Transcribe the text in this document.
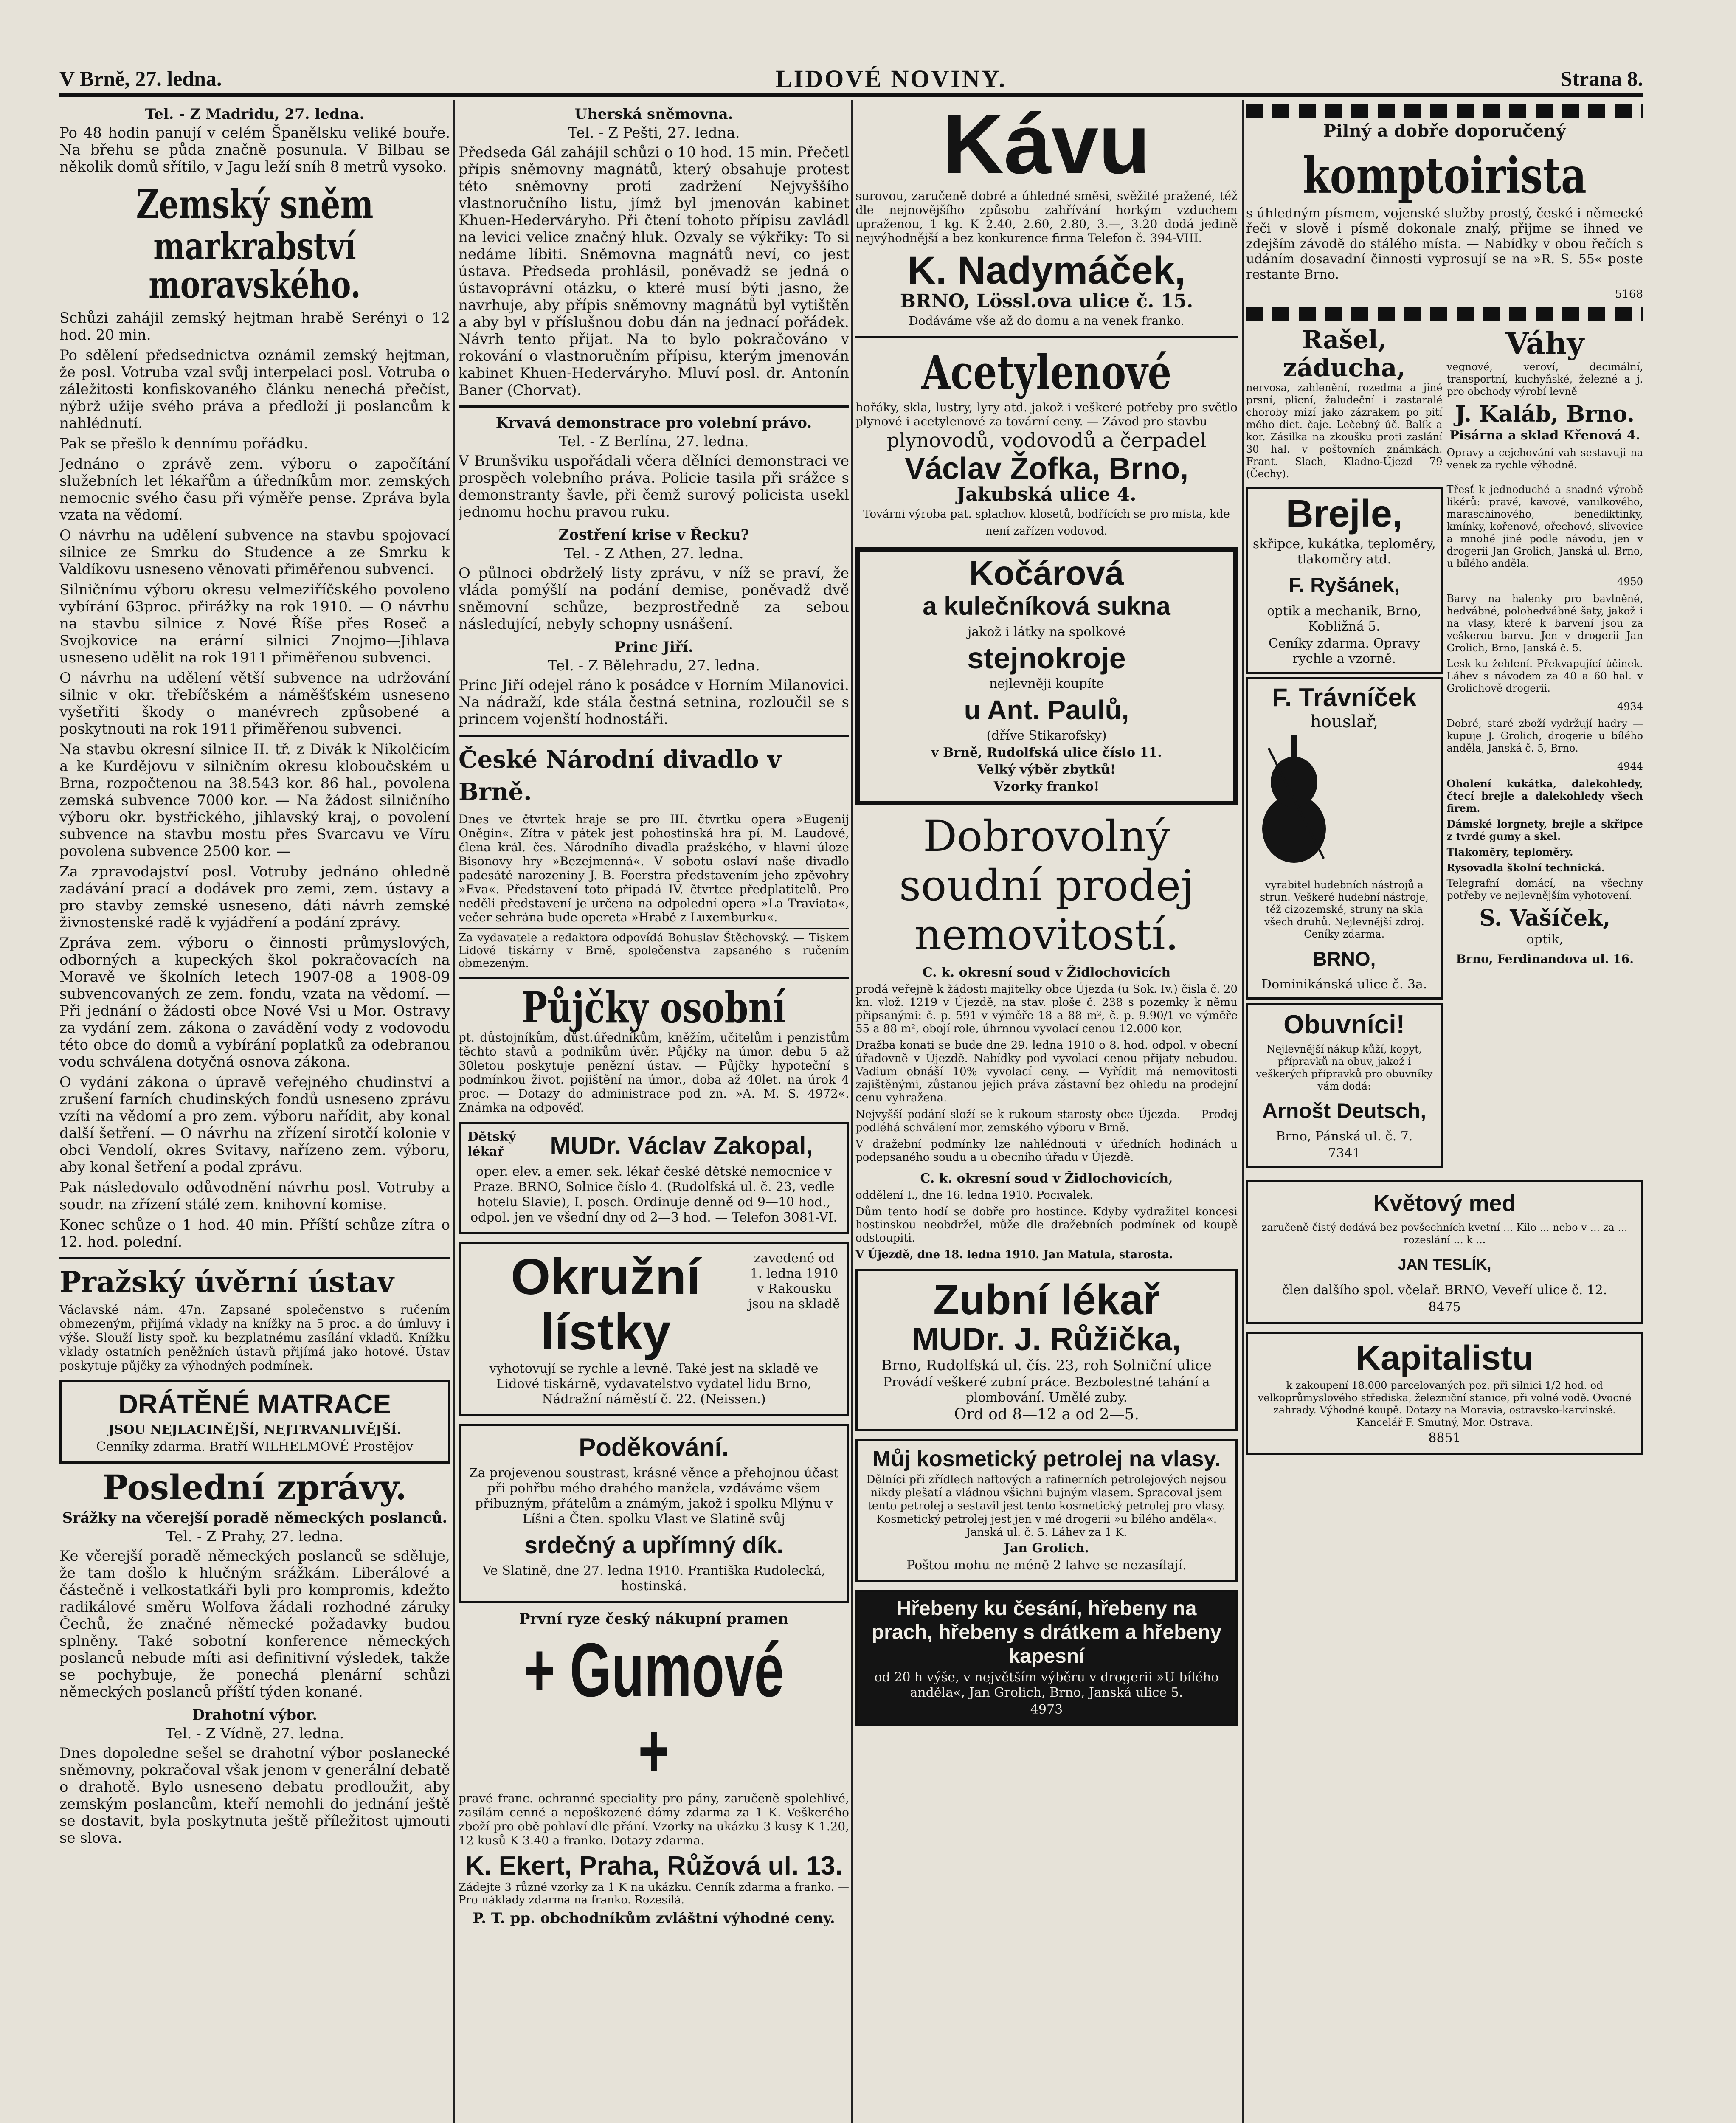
V Brně, 27. ledna.	LIDOVÉ NOVINY.	Strana 8.
Tel. - Z Madridu, 27. ledna.

Po 48 hodin panují v celém Španělsku veliké bouře. Na břehu se půda značně posunula. V Bilbau se několik domů sřítilo, v Jagu leží sníh 8 metrů vysoko.

Zemský sněm
markrabství moravského.

Schůzi zahájil zemský hejtman hrabě Serényi o 12 hod. 20 min.

Po sdělení předsednictva oznámil zemský hejtman, že posl. Votruba vzal svůj interpelaci posl. Votruba o záležitosti konfiskovaného článku nenechá přečíst, nýbrž užije svého práva a předloží ji poslancům k nahlédnutí.

Pak se přešlo k dennímu pořádku.

Jednáno o zprávě zem. výboru o započítání služebních let lékařům a úředníkům mor. zemských nemocnic svého času při výměře pense. Zpráva byla vzata na vědomí.

O návrhu na udělení subvence na stavbu spojovací silnice ze Smrku do Studence a ze Smrku k Valdíkovu usneseno věnovati přiměřenou subvenci.

Silničnímu výboru okresu velmeziříčského povoleno vybírání 63proc. přirážky na rok 1910. — O návrhu na stavbu silnice z Nové Říše přes Roseč a Svojkovice na erární silnici Znojmo—Jihlava usneseno udělit na rok 1911 přiměřenou subvenci.

O návrhu na udělení větší subvence na udržování silnic v okr. třebíčském a náměšťském usneseno vyšetřiti škody o manévrech způsobené a poskytnouti na rok 1911 přiměřenou subvenci.

Na stavbu okresní silnice II. tř. z Divák k Nikolčicím a ke Kurdějovu v silničním okresu kloboučském u Brna, rozpočtenou na 38.543 kor. 86 hal., povolena zemská subvence 7000 kor. — Na žádost silničního výboru okr. bystřického, jihlavský kraj, o povolení subvence na stavbu mostu přes Svarcavu ve Víru povolena subvence 2500 kor. —

Za zpravodajství posl. Votruby jednáno ohledně zadávání prací a dodávek pro zemi, zem. ústavy a pro stavby zemské usneseno, dáti návrh zemské živnostenské radě k vyjádření a podání zprávy.

Zpráva zem. výboru o činnosti průmyslových, odborných a kupeckých škol pokračovacích na Moravě ve školních letech 1907-08 a 1908-09 subvencovaných ze zem. fondu, vzata na vědomí. — Při jednání o žádosti obce Nové Vsi u Mor. Ostravy za vydání zem. zákona o zavádění vody z vodovodu této obce do domů a vybírání poplatků za odebranou vodu schválena dotyčná osnova zákona.

O vydání zákona o úpravě veřejného chudinství a zrušení farních chudinských fondů usneseno zprávu vzíti na vědomí a pro zem. výboru nařídit, aby konal další šetření. — O návrhu na zřízení sirotčí kolonie v obci Vendolí, okres Svitavy, nařízeno zem. výboru, aby konal šetření a podal zprávu.

Pak následovalo odůvodnění návrhu posl. Votruby a soudr. na zřízení stálé zem. knihovní komise.

Konec schůze o 1 hod. 40 min. Příští schůze zítra o 12. hod. polední.

Pražský úvěrní ústav

Václavské nám. 47n. Zapsané společenstvo s ručením obmezeným, přijímá vklady na knížky na 5 proc. a do úmluvy i výše. Slouží listy spoř. ku bezplatnému zasílání vkladů. Knížku vklady ostatních peněžních ústavů přijímá jako hotové. Ústav poskytuje půjčky za výhodných podmínek.

DRÁTĚNÉ MATRACE
JSOU NEJLACINĚJŠÍ, NEJTRVANLIVĚJŠÍ.
Cenníky zdarma. Bratří WILHELMOVÉ Prostějov
Poslední zprávy.
Srážky na včerejší poradě německých poslanců.
Tel. - Z Prahy, 27. ledna.

Ke včerejší poradě německých poslanců se sděluje, že tam došlo k hlučným srážkám. Liberálové a částečně i velkostatkáři byli pro kompromis, kdežto radikálové směru Wolfova žádali rozhodné záruky Čechů, že značné německé požadavky budou splněny. Také sobotní konference německých poslanců nebude míti asi definitivní výsledek, takže se pochybuje, že ponechá plenární schůzi německých poslanců příští týden konané.

Drahotní výbor.
Tel. - Z Vídně, 27. ledna.

Dnes dopoledne sešel se drahotní výbor poslanecké sněmovny, pokračoval však jenom v generální debatě o drahotě. Bylo usneseno debatu prodloužit, aby zemským poslancům, kteří nemohli do jednání ještě se dostavit, byla poskytnuta ještě příležitost ujmouti se slova.

Uherská sněmovna.
Tel. - Z Pešti, 27. ledna.

Předseda Gál zahájil schůzi o 10 hod. 15 min. Přečetl přípis sněmovny magnátů, který obsahuje protest této sněmovny proti zadržení Nejvyššího vlastnoručního listu, jímž byl jmenován kabinet Khuen-Hederváryho. Při čtení tohoto přípisu zavládl na levici velice značný hluk. Ozvaly se výkřiky: To si nedáme líbiti. Sněmovna magnátů neví, co jest ústava. Předseda prohlásil, poněvadž se jedná o ústavoprávní otázku, o které musí býti jasno, že navrhuje, aby přípis sněmovny magnátů byl vytištěn a aby byl v příslušnou dobu dán na jednací pořádek. Návrh tento přijat. Na to bylo pokračováno v rokování o vlastnoručním přípisu, kterým jmenován kabinet Khuen-Hederváryho. Mluví posl. dr. Antonín Baner (Chorvat).

Krvavá demonstrace pro volební právo.
Tel. - Z Berlína, 27. ledna.

V Brunšviku uspořádali včera dělníci demonstraci ve prospěch volebního práva. Policie tasila při srážce s demonstranty šavle, při čemž surový policista usekl jednomu hochu pravou ruku.

Zostření krise v Řecku?
Tel. - Z Athen, 27. ledna.

O půlnoci obdrželý listy zprávu, v níž se praví, že vláda pomýšlí na podání demise, poněvadž dvě sněmovní schůze, bezprostředně za sebou následující, nebyly schopny usnášení.

Princ Jiří.
Tel. - Z Bělehradu, 27. ledna.

Princ Jiří odejel ráno k posádce v Horním Milanovici. Na nádraží, kde stála čestná setnina, rozloučil se s princem vojenští hodnostáři.

České Národní divadlo v Brně.

Dnes ve čtvrtek hraje se pro III. čtvrtku opera »Eugenij Oněgin«. Zítra v pátek jest pohostinská hra pí. M. Laudové, člena král. čes. Národního divadla pražského, v hlavní úloze Bisonovy hry »Bezejmenná«. V sobotu oslaví naše divadlo padesáté narozeniny J. B. Foerstra představením jeho zpěvohry »Eva«. Představení toto připadá IV. čtvrtce předplatitelů. Pro neděli představení je určena na odpolední opera »La Traviata«, večer sehrána bude opereta »Hrabě z Luxemburku«.

Za vydavatele a redaktora odpovídá Bohuslav Štěchovský. — Tiskem Lidové tiskárny v Brně, společenstva zapsaného s ručením obmezeným.

Půjčky osobní

pt. důstojníkům, důst.úředníkům, kněžím, učitelům i penzistům těchto stavů a podnikům úvěr. Půjčky na úmor. debu 5 až 30letou poskytuje penězní ústav. — Půjčky hypoteční s podmínkou život. pojištění na úmor., doba až 40let. na úrok 4 proc. — Dotazy do administrace pod zn. »A. M. S. 4972«. Známka na odpověď.

Dětský lékař	MUDr. Václav Zakopal,
oper. elev. a emer. sek. lékař české dětské nemocnice v Praze. BRNO, Solnice číslo 4. (Rudolfská ul. č. 23, vedle hotelu Slavie), I. posch. Ordinuje denně od 9—10 hod., odpol. jen ve všední dny od 2—3 hod. — Telefon 3081-VI.
Okružní lístky
zavedené od 1. ledna 1910 v Rakousku jsou na skladě
vyhotovují se rychle a levně. Také jest na skladě ve Lidové tiskárně, vydavatelstvo vydatel lidu Brno, Nádražní náměstí č. 22. (Neissen.)
Poděkování.
Za projevenou soustrast, krásné věnce a přehojnou účast při pohřbu mého drahého manžela, vzdáváme všem příbuzným, přátelům a známým, jakož i spolku Mlýnu v Líšni a Čten. spolku Vlast ve Slatině svůj
srdečný a upřímný dík.
Ve Slatině, dne 27. ledna 1910. Františka Rudolecká, hostinská.
První ryze český nákupní pramen
+ Gumové +

pravé franc. ochranné speciality pro pány, zaručeně spolehlivé, zasílám cenné a nepoškozené dámy zdarma za 1 K. Veškerého zboží pro obě pohlaví dle přání. Vzorky na ukázku 3 kusy K 1.20, 12 kusů K 3.40 a franko. Dotazy zdarma.

K. Ekert, Praha, Růžová ul. 13.

Zádejte 3 různé vzorky za 1 K na ukázku. Cenník zdarma a franko. — Pro náklady zdarma na franko. Rozesílá.

P. T. pp. obchodníkům zvláštní výhodné ceny.
Kávu

surovou, zaručeně dobré a úhledné směsi, svěžité pražené, též dle nejnovějšího způsobu zahřívání horkým vzduchem upraženou, 1 kg. K 2.40, 2.60, 2.80, 3.—, 3.20 dodá jedině nejvýhodnější a bez konkurence firma Telefon č. 394-VIII.

K. Nadymáček,
BRNO, Lössl.ova ulice č. 15.
Dodáváme vše až do domu a na venek franko.
Acetylenové

hořáky, skla, lustry, lyry atd. jakož i veškeré potřeby pro světlo plynové i acetylenové za tovární ceny. — Závod pro stavbu

plynovodů, vodovodů a čerpadel
Václav Žofka, Brno,
Jakubská ulice 4.
Továrni výroba pat. splachov. klosetů, bodřících se pro místa, kde není zařízen vodovod.
Kočárová
a kulečníková sukna
jakož i látky na spolkové
stejnokroje
nejlevněji koupíte
u Ant. Paulů,
(dříve Stikarofsky)
v Brně, Rudolfská ulice číslo 11.
Velký výběr zbytků!
Vzorky franko!
Dobrovolný
soudní prodej
nemovitostí.
C. k. okresní soud v Židlochovicích

prodá veřejně k žádosti majitelky obce Újezda (u Sok. Iv.) čísla č. 20 kn. vlož. 1219 v Újezdě, na stav. ploše č. 238 s pozemky k němu připsanými: č. p. 591 v výměře 18 a 88 m², č. p. 9.90/1 ve výměře 55 a 88 m², obojí role, úhrnnou vyvolací cenou 12.000 kor.

Dražba konati se bude dne 29. ledna 1910 o 8. hod. odpol. v obecní úřadovně v Újezdě. Nabídky pod vyvolací cenou přijaty nebudou. Vadium obnáší 10% vyvolací ceny. — Vyřídit má nemovitosti zajištěnými, zůstanou jejich práva zástavní bez ohledu na prodejní cenu vyhražena.

Nejvyšší podání složí se k rukoum starosty obce Újezda. — Prodej podléhá schválení mor. zemského výboru v Brně.

V dražební podmínky lze nahlédnouti v úředních hodinách u podepsaného soudu a u obecního úřadu v Újezdě.

C. k. okresní soud v Židlochovicích,

oddělení I., dne 16. ledna 1910. Pocivalek.

Dům tento hodí se dobře pro hostince. Kdyby vydražitel koncesi hostinskou neobdržel, může dle dražebních podmínek od koupě odstoupiti.

V Újezdě, dne 18. ledna 1910. Jan Matula, starosta.

Zubní lékař
MUDr. J. Růžička,
Brno, Rudolfská ul. čís. 23, roh Solniční ulice
Provádí veškeré zubní práce. Bezbolestné tahání a plombování. Umělé zuby.
Ord od 8—12 a od 2—5.
Můj kosmetický petrolej na vlasy.
Dělníci při zřídlech naftových a rafinerních petrolejových nejsou nikdy plešatí a vládnou všichni bujným vlasem. Spracoval jsem tento petrolej a sestavil jest tento kosmetický petrolej pro vlasy. Kosmetický petrolej jest jen v mé drogerii »u bílého anděla«. Janská ul. č. 5. Láhev za 1 K.
Jan Grolich.
Poštou mohu ne méně 2 lahve se nezasílají.
Hřebeny ku česání, hřebeny na prach, hřebeny s drátkem a hřebeny kapesní
od 20 h výše, v největším výběru v drogerii »U bílého anděla«, Jan Grolich, Brno, Janská ulice 5.
4973
Pilný a dobře doporučený
komptoirista

s úhledným písmem, vojenské služby prostý, české i německé řeči v slově i písmě dokonale znalý, přijme se ihned ve zdejším závodě do stálého místa. — Nabídky v obou řečích s udáním dosavadní činnosti vyprosují se na »R. S. 55« poste restante Brno.

5168
Rašel, záducha,

nervosa, zahlenění, rozedma a jiné prsní, plicní, žaludeční i zastaralé choroby mizí jako zázrakem po pití mého diet. čaje. Lečebný úč. Balík a kor. Zásilka na zkoušku proti zaslání 30 hal. v poštovních známkách. Frant. Slach, Kladno-Újezd 79 (Čechy).

Váhy

vegnové, veroví, decimální, transportní, kuchyňské, železné a j. pro obchody výrobí levně

J. Kaláb, Brno.
Pisárna a sklad Křenová 4.

Opravy a cejchování vah sestavuji na venek za rychle výhodně.

Brejle,
skřipce, kukátka, teploměry, tlakoměry atd.
F. Ryšánek,
optik a mechanik, Brno, Kobližná 5.
Ceníky zdarma. Opravy rychle a vzorně.
F. Trávníček
houslař,
vyrabitel hudebních nástrojů a strun. Veškeré hudební nástroje, též cizozemské, struny na skla všech druhů. Nejlevnější zdroj. Ceníky zdarma.
BRNO,
Dominikánská ulice č. 3a.
Obuvníci!
Nejlevnější nákup kůží, kopyt, přípravků na obuv, jakož i veškerých přípravků pro obuvníky vám dodá:
Arnošt Deutsch,
Brno, Pánská ul. č. 7.
7341

Třesť k jednoduché a snadné výrobě likérů: pravé, kavové, vanilkového, maraschinového, benediktinky, kmínky, kořenové, ořechové, slivovice a mnohé jiné podle návodu, jen v drogerii Jan Grolich, Janská ul. Brno, u bílého anděla.

4950

Barvy na halenky pro bavlněné, hedvábné, polohedvábné šaty, jakož i na vlasy, které k barvení jsou za veškerou barvu. Jen v drogerii Jan Grolich, Brno, Janská č. 5.

Lesk ku žehlení. Překvapující účinek. Láhev s návodem za 40 a 60 hal. v Grolichově drogerii.

4934

Dobré, staré zboží vydržují hadry — kupuje J. Grolich, drogerie u bílého anděla, Janská č. 5, Brno.

4944

Oholení kukátka, dalekohledy, čtecí brejle a dalekohledy všech firem.

Dámské lorgnety, brejle a skřipce z tvrdé gumy a skel.

Tlakoměry, teploměry.

Rysovadla školní technická.

Telegrafní domácí, na všechny potřeby ve nejlevnějším vyhotovení.

S. Vašíček,
optik,
Brno, Ferdinandova ul. 16.
Květový med
zaručeně čistý dodává bez povšechních kvetní ... Kilo ... nebo v ... za ... rozeslání ... k ...
JAN TESLÍK,
člen dalšího spol. včelař. BRNO, Veveří ulice č. 12.
8475
Kapitalistu
k zakoupení 18.000 parcelovaných poz. při silnici 1/2 hod. od velkoprůmyslového střediska, železniční stanice, při volné vodě. Ovocné zahrady. Výhodné koupě. Dotazy na Moravia, ostravsko-karvinské. Kancelář F. Smutný, Mor. Ostrava.
8851
